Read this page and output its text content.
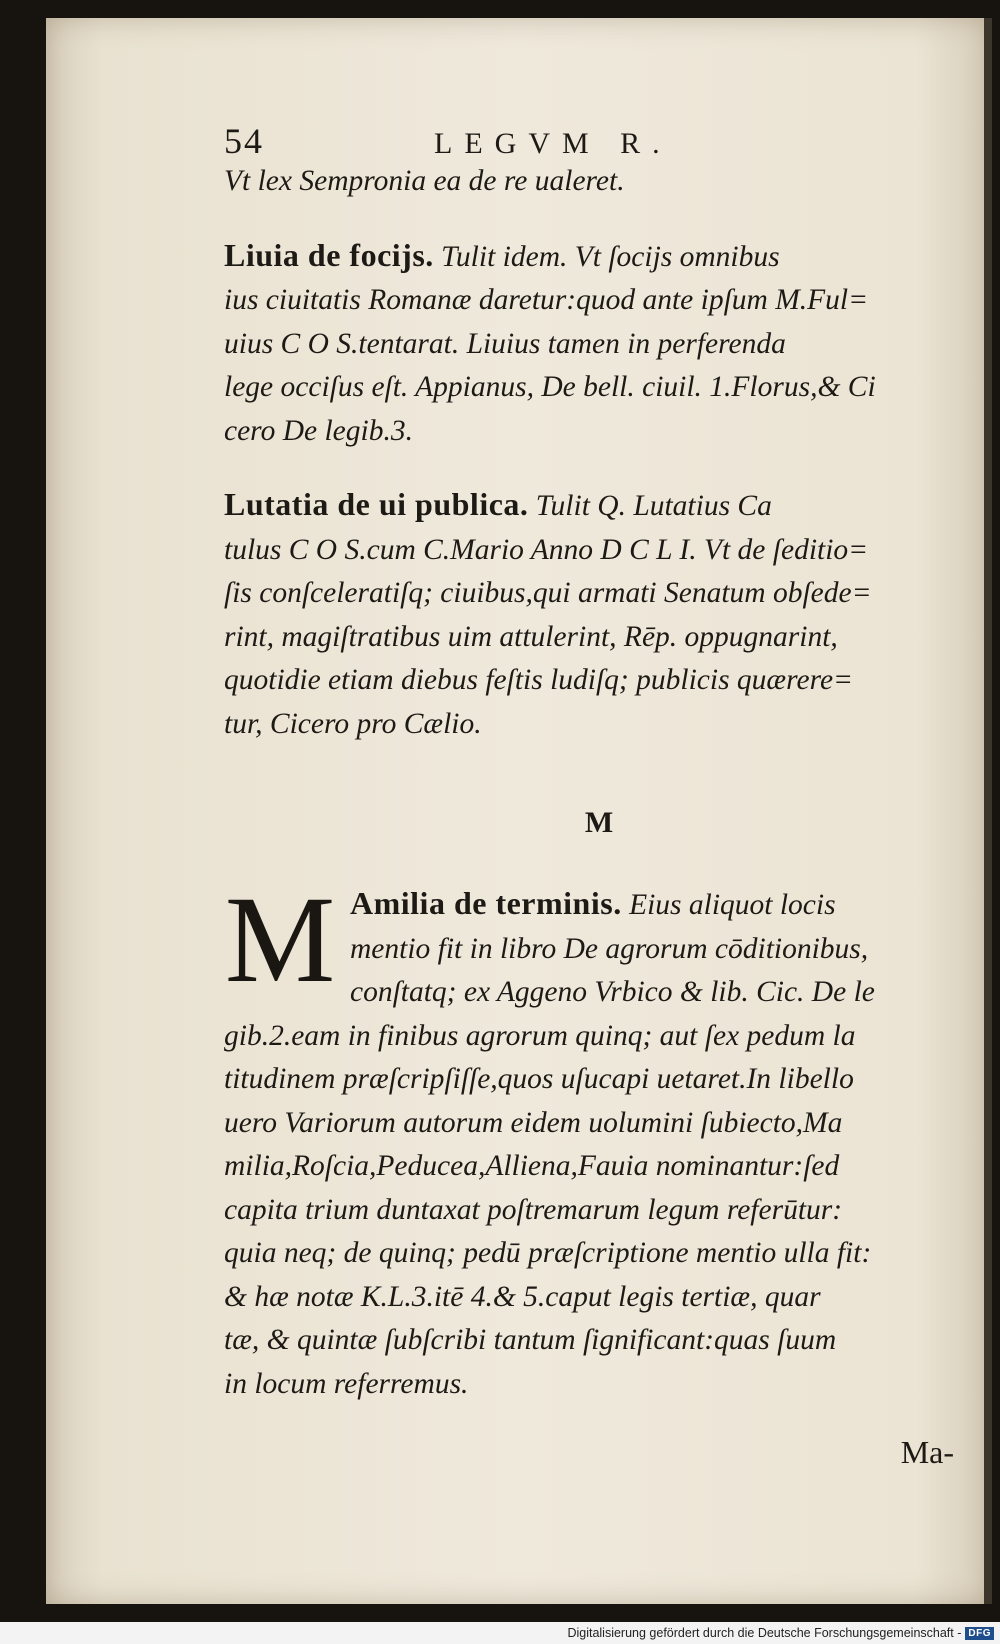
54	LEGVM R.
Vt lex Sempronia ea de re ualeret.
Liuia de focijs. Tulit idem. Vt ſocijs omnibus
ius ciuitatis Romanæ daretur:quod ante ipſum M.Ful=
uius C O S.tentarat. Liuius tamen in perferenda
lege occiſus eſt. Appianus, De bell. ciuil. 1.Florus,& Ci
cero De legib.3.
Lutatia de ui publica. Tulit Q. Lutatius Ca
tulus C O S.cum C.Mario Anno D C L I. Vt de ſeditio=
ſis conſceleratiſq; ciuibus,qui armati Senatum obſede=
rint, magiſtratibus uim attulerint, Rēp. oppugnarint,
quotidie etiam diebus feſtis ludiſq; publicis quærere=
tur, Cicero pro Cælio.
M
M Amilia de terminis. Eius aliquot locis
mentio fit in libro De agrorum cōditionibus,
conſtatq; ex Aggeno Vrbico & lib. Cic. De le
gib.2.eam in finibus agrorum quinq; aut ſex pedum la
titudinem præſcripſiſſe,quos uſucapi uetaret.In libello
uero Variorum autorum eidem uolumini ſubiecto,Ma
milia,Roſcia,Peducea,Alliena,Fauia nominantur:ſed
capita trium duntaxat poſtremarum legum referūtur:
quia neq; de quinq; pedū præſcriptione mentio ulla fit:
& hæ notæ K.L.3.itē 4.& 5.caput legis tertiæ, quar
tæ, & quintæ ſubſcribi tantum ſignificant:quas ſuum
in locum referremus.
Ma-
Digitalisierung gefördert durch die Deutsche Forschungsgemeinschaft - DFG
